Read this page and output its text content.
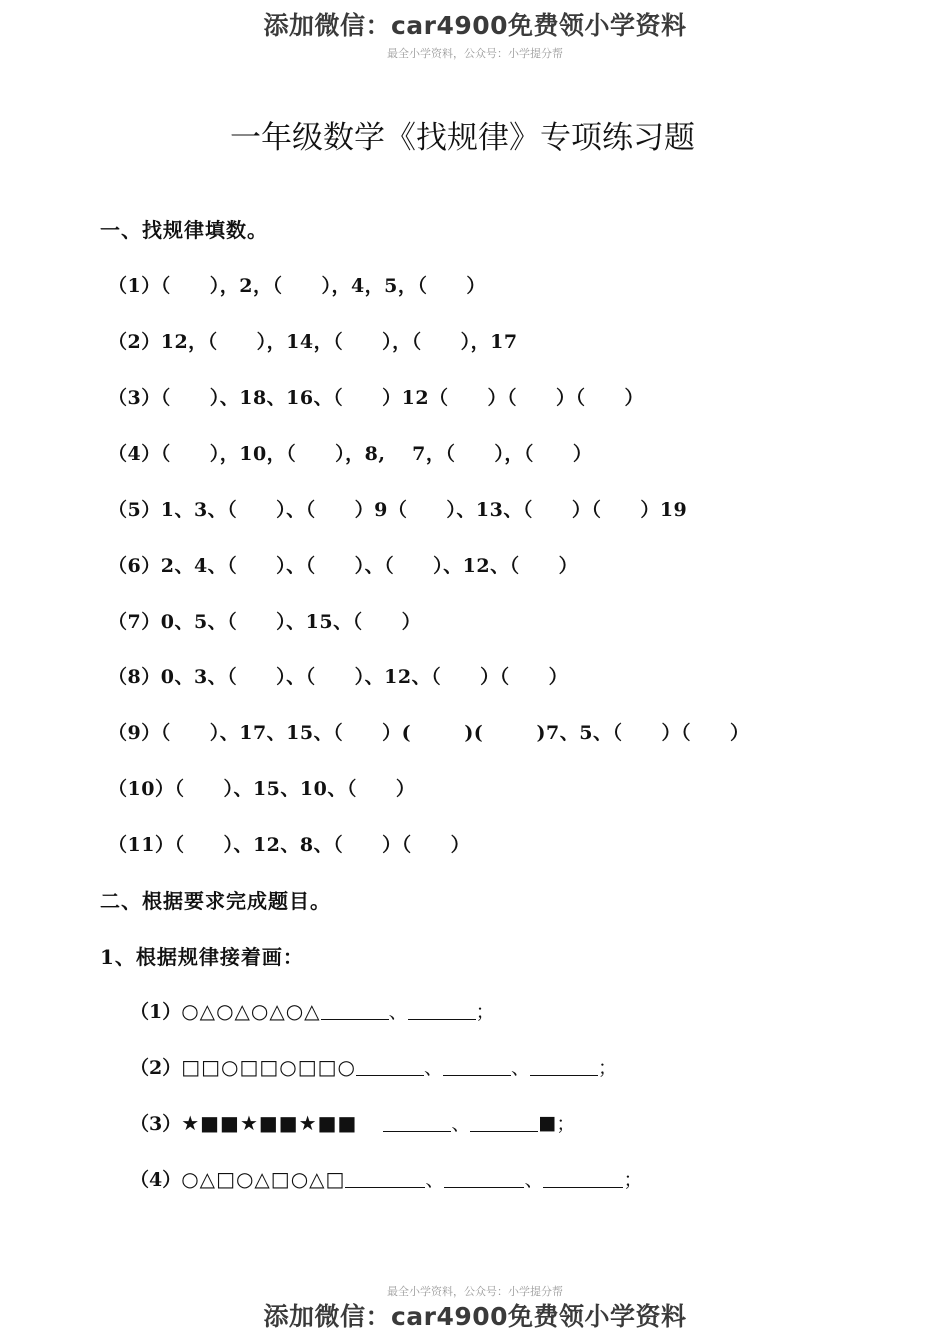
添加微信：car4900免费领小学资料
最全小学资料，公众号：小学提分帮
一年级数学《找规律》专项练习题
一、找规律填数。
（1）（　　），2，（　　），4，5，（　　）
（2）12，（　　），14，（　　），（　　），17
（3）（　　）、18、16、（　　）12（　　）（　　）（　　）
（4）（　　），10，（　　），8,　 7，（　　），（　　）
（5）1、3、（　　）、（　　）9（　　）、13、（　　）（　　）19
（6）2、4、（　　）、（　　）、（　　）、12、（　　）
（7）0、5、（　　）、15、（　　）
（8）0、3、（　　）、（　　）、12、（　　）（　　）
（9）（　　）、17、15、（　　）(　　  )(　　  )7、5、（　　）（　　）
（10）（　　）、15、10、（　　）
（11）（　　）、12、8、（　　）（　　）
二、根据要求完成题目。
1、根据规律接着画：
（1） ○△○△○△○△	、	；
（2） □□○□□○□□○	、	、	；
（3） ★■■★■■★■■	、	■ ；
（4） ○△□○△□○△□	、	、	；
最全小学资料，公众号：小学提分帮
添加微信：car4900免费领小学资料
